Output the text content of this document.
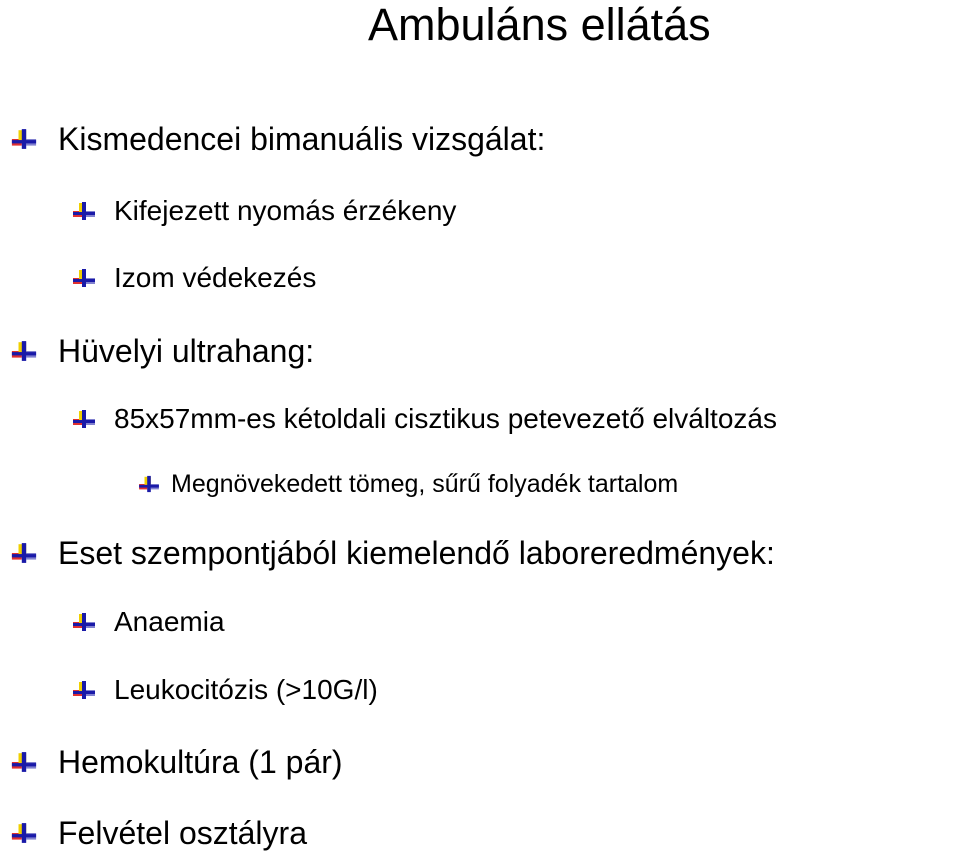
Ambuláns ellátás
Kismedencei bimanuális vizsgálat:
Kifejezett nyomás érzékeny
Izom védekezés
Hüvelyi ultrahang:
85x57mm-es kétoldali cisztikus petevezető elváltozás
Megnövekedett tömeg, sűrű folyadék tartalom
Eset szempontjából kiemelendő laboreredmények:
Anaemia
Leukocitózis (>10G/l)
Hemokultúra (1 pár)
Felvétel osztályra
